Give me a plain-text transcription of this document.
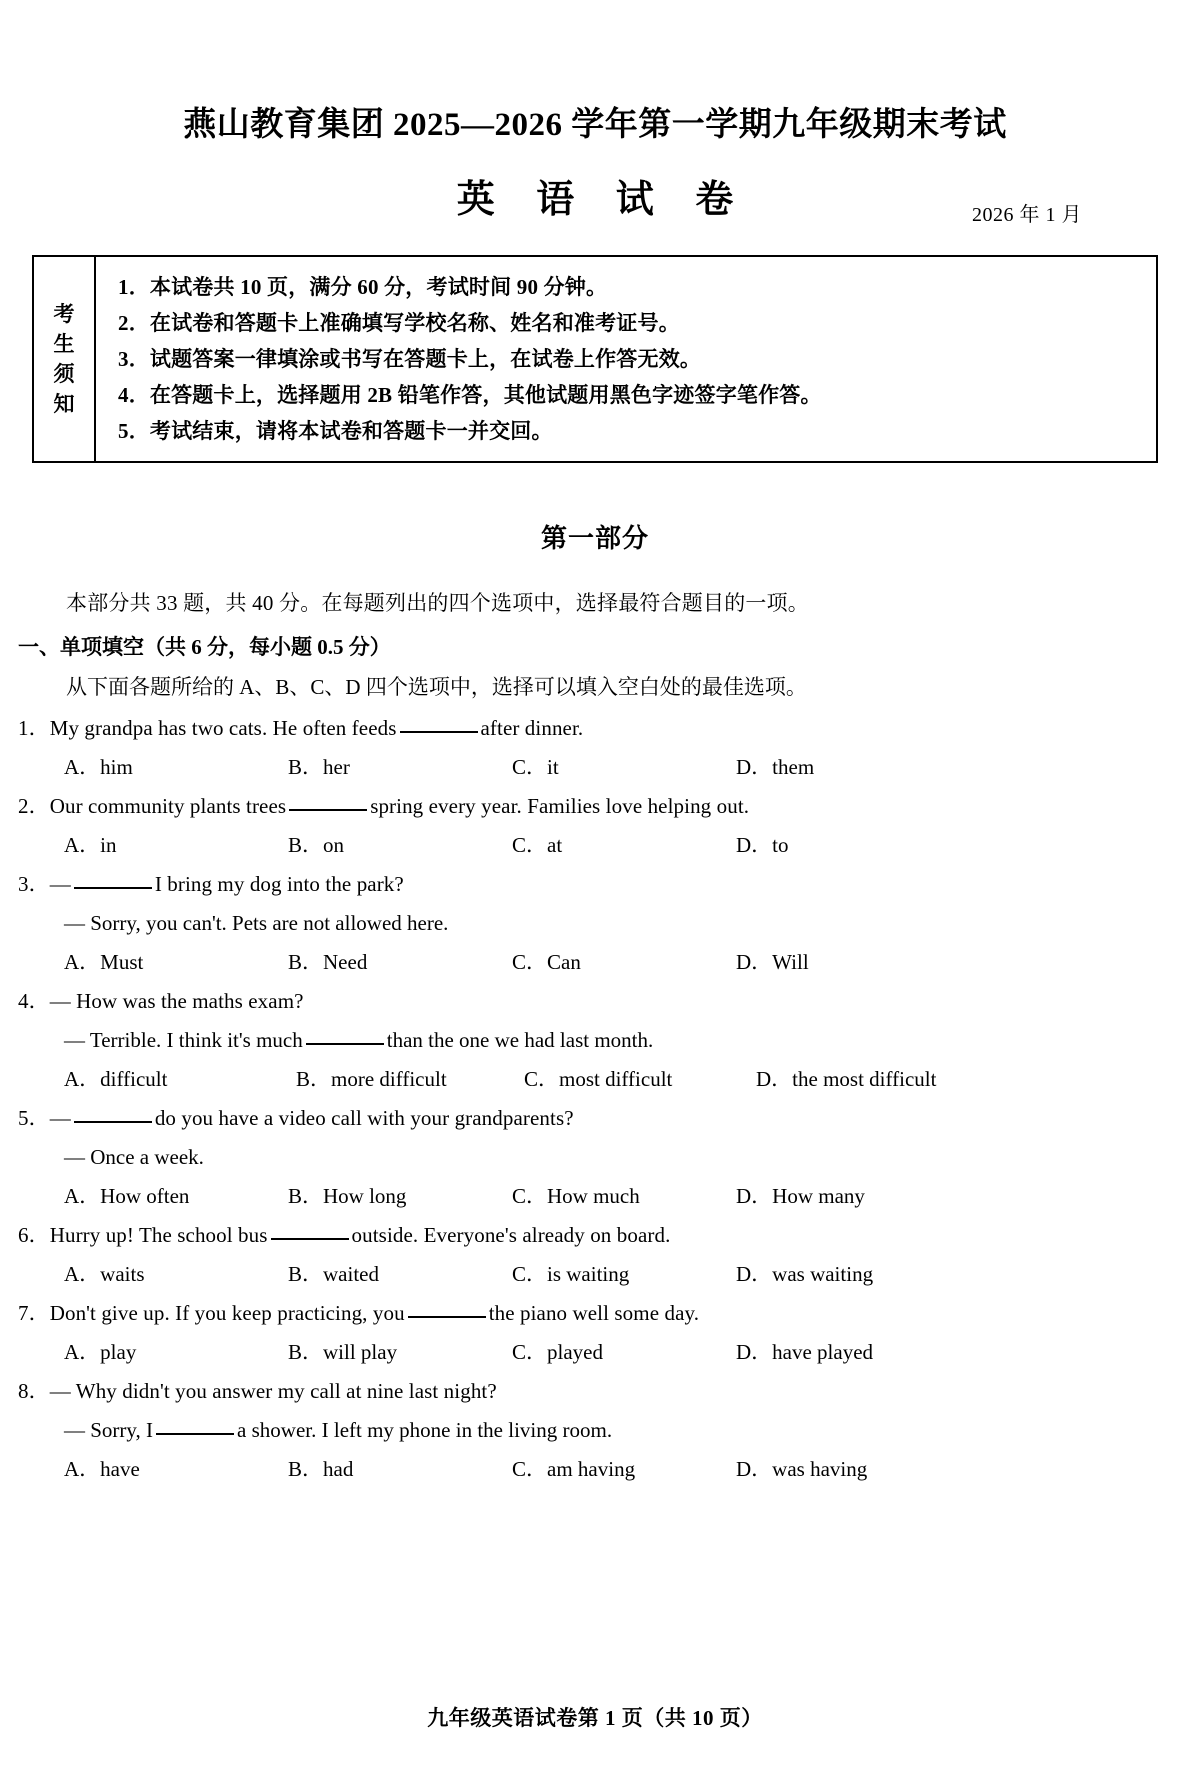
燕山教育集团 2025—2026 学年第一学期九年级期末考试
英 语 试 卷	2026 年 1 月
考
生
须
知
1．本试卷共 10 页，满分 60 分，考试时间 90 分钟。
2．在试卷和答题卡上准确填写学校名称、姓名和准考证号。
3．试题答案一律填涂或书写在答题卡上，在试卷上作答无效。
4．在答题卡上，选择题用 2B 铅笔作答，其他试题用黑色字迹签字笔作答。
5．考试结束，请将本试卷和答题卡一并交回。
第一部分
本部分共 33 题，共 40 分。在每题列出的四个选项中，选择最符合题目的一项。
一、单项填空（共 6 分，每小题 0.5 分）
从下面各题所给的 A、B、C、D 四个选项中，选择可以填入空白处的最佳选项。
1．My grandpa has two cats. He often feeds	after dinner.
A．him	B．her	C．it	D．them
2．Our community plants trees	spring every year. Families love helping out.
A．in	B．on	C．at	D．to
3．—	I bring my dog into the park?
— Sorry, you can't. Pets are not allowed here.
A．Must	B．Need	C．Can	D．Will
4．— How was the maths exam?
— Terrible. I think it's much	than the one we had last month.
A．difficult	B．more difficult	C．most difficult	D．the most difficult
5．—	do you have a video call with your grandparents?
— Once a week.
A．How often	B．How long	C．How much	D．How many
6．Hurry up! The school bus	outside. Everyone's already on board.
A．waits	B．waited	C．is waiting	D．was waiting
7．Don't give up. If you keep practicing, you	the piano well some day.
A．play	B．will play	C．played	D．have played
8．— Why didn't you answer my call at nine last night?
— Sorry, I	a shower. I left my phone in the living room.
A．have	B．had	C．am having	D．was having
九年级英语试卷第 1 页（共 10 页）
